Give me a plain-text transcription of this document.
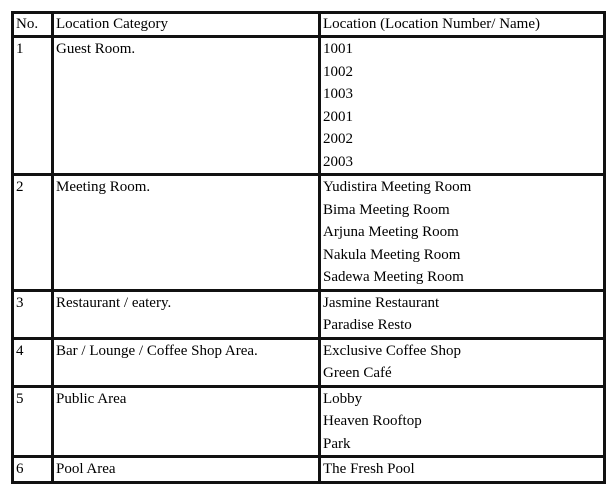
No.	Location Category	Location (Location Number/ Name)
1	Guest Room.	1001
1002
1003
2001
2002
2003

2	Meeting Room.	Yudistira Meeting Room
Bima Meeting Room
Arjuna Meeting Room
Nakula Meeting Room
Sadewa Meeting Room

3	Restaurant / eatery.	Jasmine Restaurant
Paradise Resto

4	Bar / Lounge / Coffee Shop Area.	Exclusive Coffee Shop
Green Café

5	Public Area	Lobby
Heaven Rooftop
Park

6	Pool Area	The Fresh Pool
